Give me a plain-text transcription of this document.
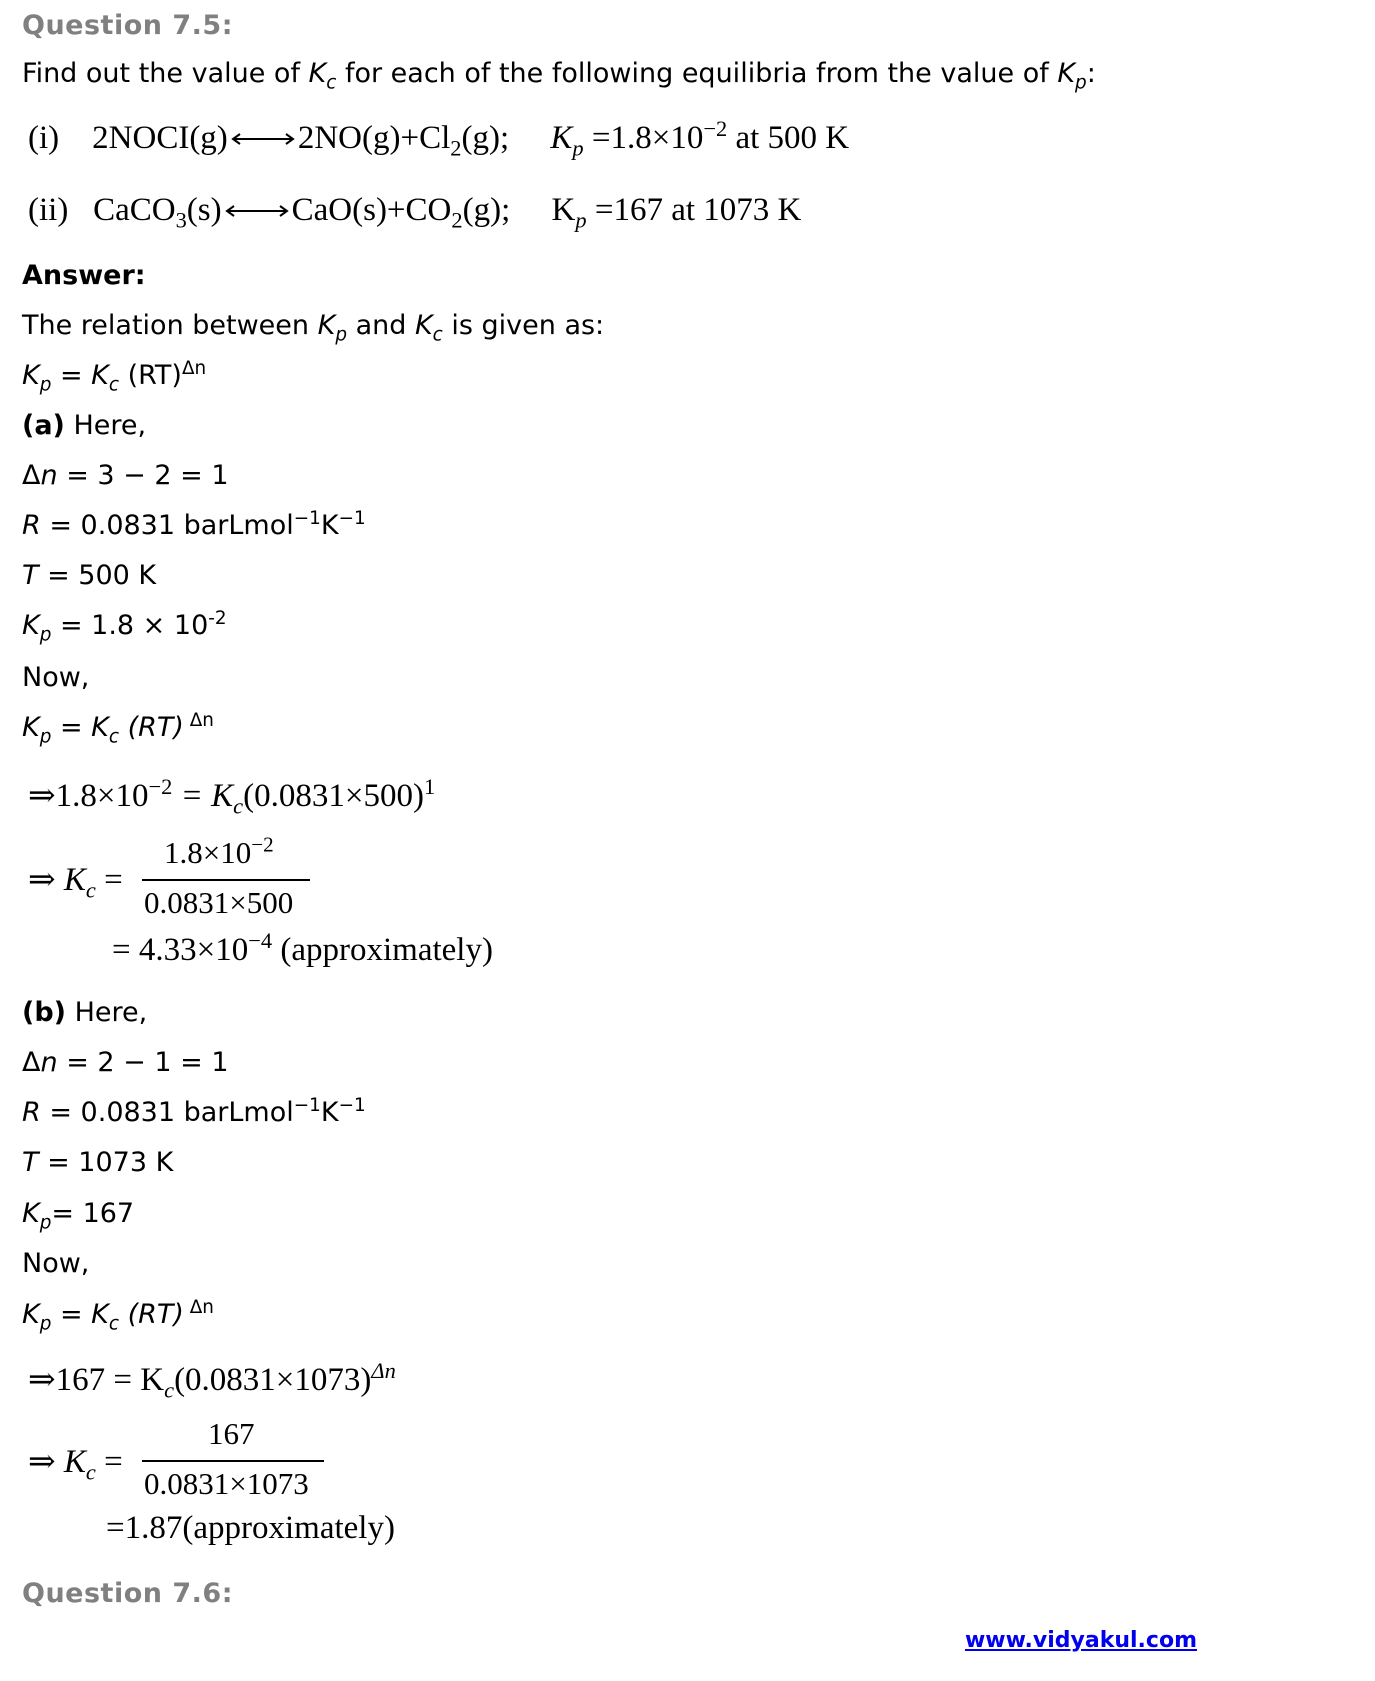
Question 7.5:
Find out the value of $K_c$ for each of the following equilibria from the value of $K_p$:
(i) 2NOCI(g) $2NO(g)+Cl_2(g)$; $K_p =1.8\times 10^{-2}$ at 500 K
(ii) CaCO$_3$(s) $CaO(s)+CO_2(g)$; $K_p =167$ at 1073 K
Answer:
The relation between $K_p$ and $K_c$ is given as:
$K_p = K_c$ (RT)$^{\Delta n}$
(a) Here,
Δn = 3 − 2 = 1
R = 0.0831 $barLmol^{-1}K^{-1}$
T = 500 K
$K_p = 1.8 \times 10^{-2}$
Now,
$K_p = K_c$ (RT) $^{\Delta n}$
$\Rightarrow 1.8\times 10^{-2} = K_c(0.0831\times 500)^1$
⇒ $K_c$ =
$1.8\times 10^{-2}$
0.0831×500
= $4.33\times 10^{-4}$ (approximately)
(b) Here,
Δn = 2 − 1 = 1
R = 0.0831 $barLmol^{-1}K^{-1}$
T = 1073 K
$K_p= 167$
Now,
$K_p = K_c$ (RT) $^{\Delta n}$
⇒167 = $K_c(0.0831\times 1073)^{\Delta n}$
⇒ $K_c$ =
167
0.0831×1073
=1.87(approximately)
Question 7.6:
www.vidyakul.com
